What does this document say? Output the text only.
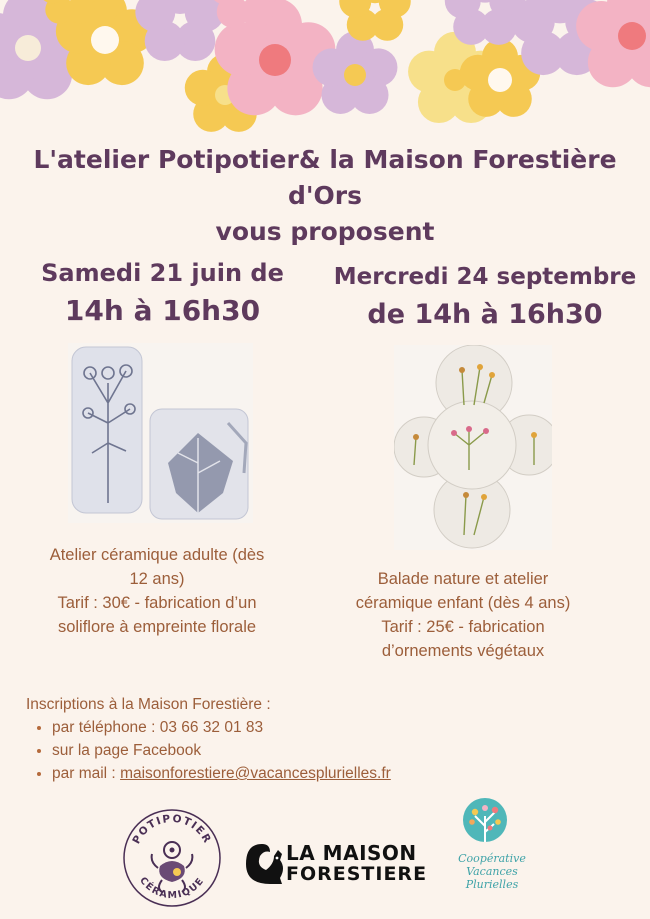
L'atelier Potipotier& la Maison Forestière d'Ors
vous proposent
Samedi 21 juin de
14h à 16h30
Mercredi 24 septembre
de 14h à 16h30
Atelier céramique adulte (dès
12 ans)
Tarif : 30€ - fabrication d’un
soliflore à empreinte florale
Balade nature et atelier
céramique enfant (dès 4 ans)
Tarif : 25€ - fabrication
d’ornements végétaux
Inscriptions à la Maison Forestière :
• par téléphone : 03 66 32 01 83
• sur la page Facebook
• par mail : maisonforestiere@vacancesplurielles.fr
POTIPOTIER
CÉRAMIQUE
LA MAISON
FORESTIERE
Coopérative
Vacances
Plurielles
